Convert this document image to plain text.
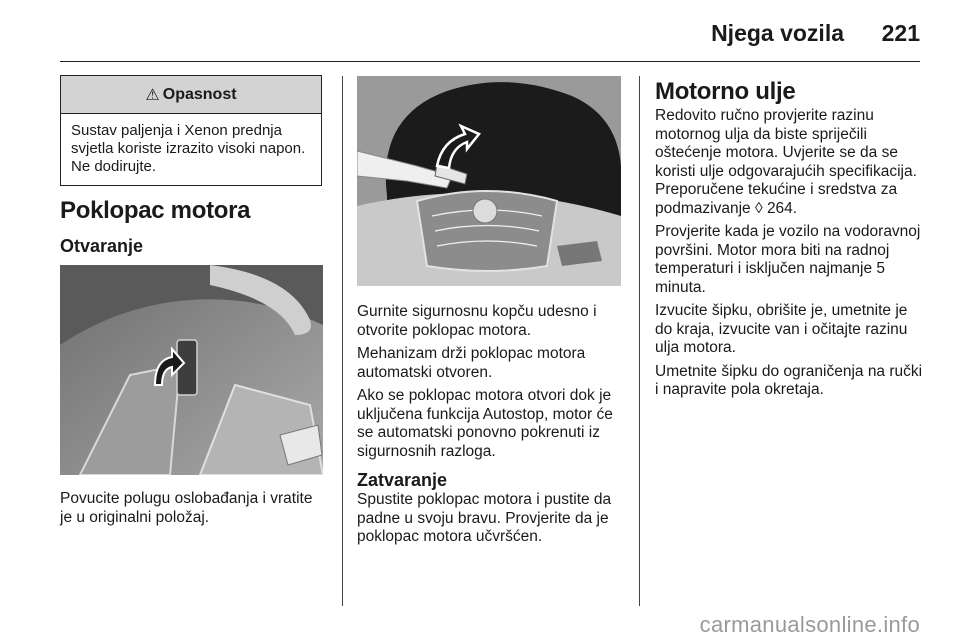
Njega vozila 221
⚠ Opasnost
Sustav paljenja i Xenon prednja svjetla koriste izrazito visoki napon. Ne dodirujte.
Poklopac motora
Otvaranje
Povucite polugu oslobađanja i vratite je u originalni položaj.

Gurnite sigurnosnu kopču udesno i otvorite poklopac motora.

Mehanizam drži poklopac motora automatski otvoren.

Ako se poklopac motora otvori dok je uključena funkcija Autostop, motor će se automatski ponovno pokrenuti iz sigurnosnih razloga.

Zatvaranje
Spustite poklopac motora i pustite da padne u svoju bravu. Provjerite da je poklopac motora učvršćen.
Motorno ulje

Redovito ručno provjerite razinu motornog ulja da biste spriječili oštećenje motora. Uvjerite se da se koristi ulje odgovarajućih specifikacija. Preporučene tekućine i sredstva za podmazivanje ◊ 264.

Provjerite kada je vozilo na vodoravnoj površini. Motor mora biti na radnoj temperaturi i isključen najmanje 5 minuta.

Izvucite šipku, obrišite je, umetnite je do kraja, izvucite van i očitajte razinu ulja motora.

Umetnite šipku do ograničenja na ručki i napravite pola okretaja.

carmanualsonline.info
